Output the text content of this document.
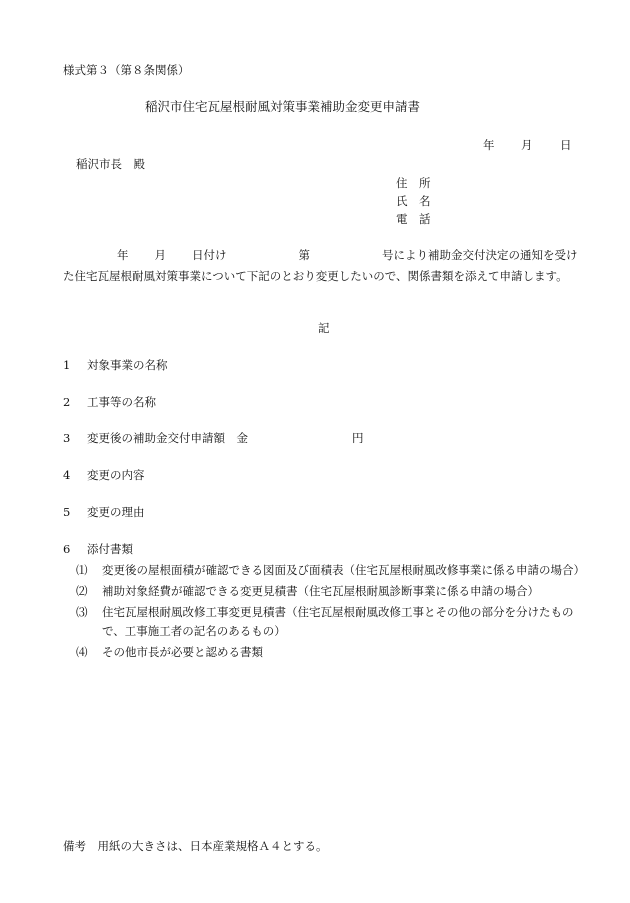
様式第３（第８条関係）
稲沢市住宅瓦屋根耐風対策事業補助金変更申請書
年 月 日
稲沢市長　殿
住　所
氏　名
電　話
年 月 日付け	第	号により補助金交付決定の通知を受けた住宅瓦屋根耐風対策事業について下記のとおり変更したいので、関係書類を添えて申請します。
記
1 対象事業の名称
2 工事等の名称
3 変更後の補助金交付申請額　金	円
4 変更の内容
5 変更の理由
6 添付書類
⑴	変更後の屋根面積が確認できる図面及び面積表（住宅瓦屋根耐風改修事業に係る申請の場合）
⑵	補助対象経費が確認できる変更見積書（住宅瓦屋根耐風診断事業に係る申請の場合）
⑶	住宅瓦屋根耐風改修工事変更見積書（住宅瓦屋根耐風改修工事とその他の部分を分けたもので、工事施工者の記名のあるもの）
⑷	その他市長が必要と認める書類
備考　用紙の大きさは、日本産業規格Ａ４とする。
